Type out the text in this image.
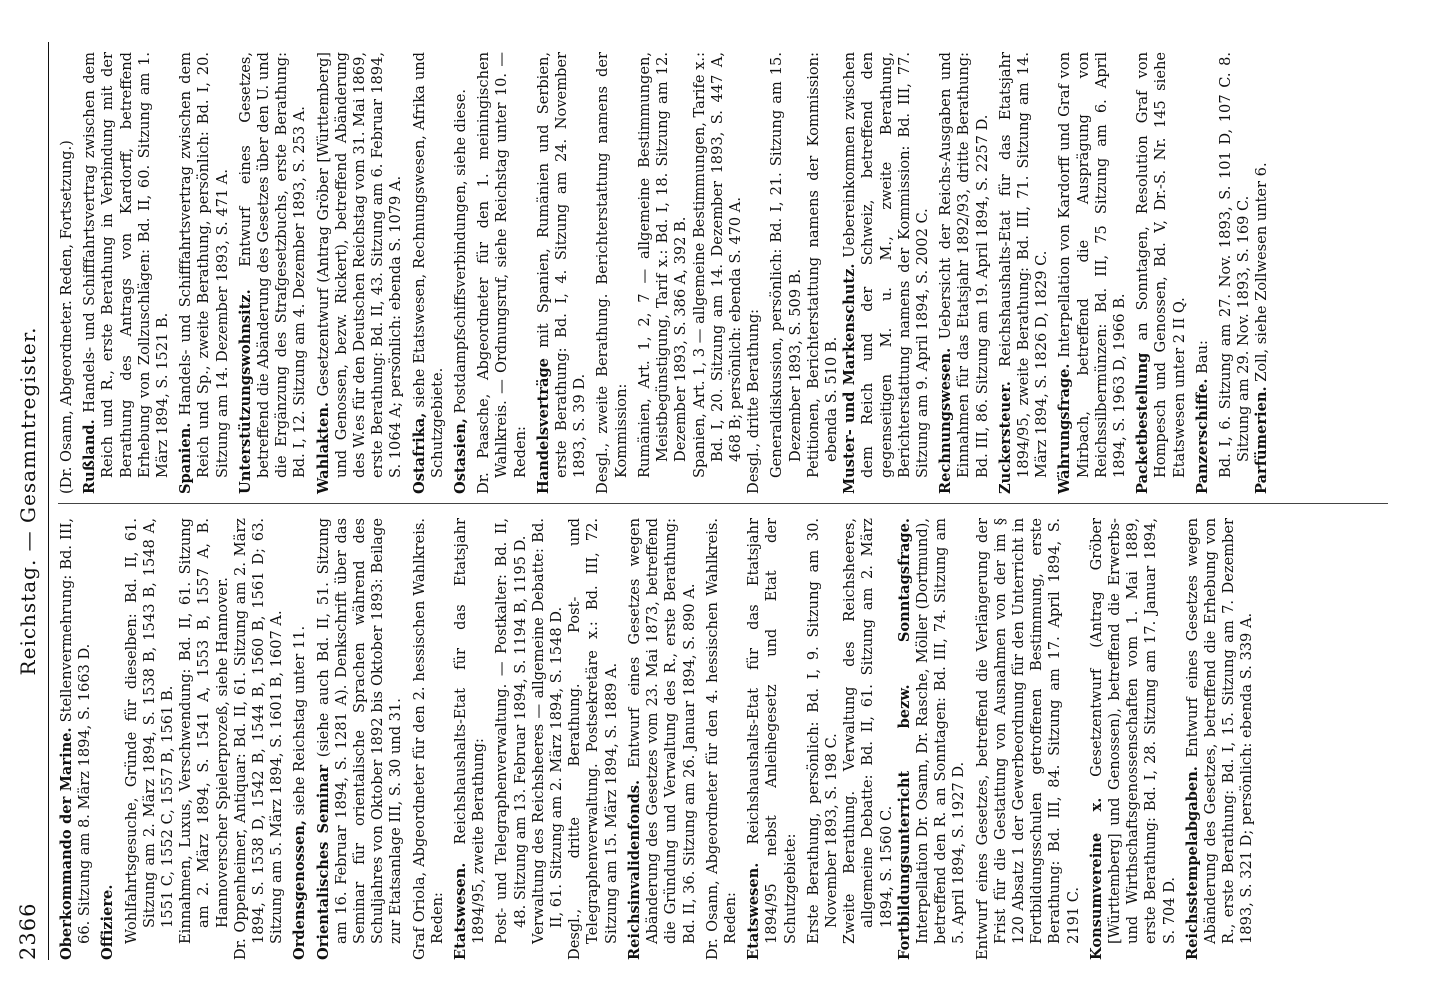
2366
Reichstag. — Gesammtregister.

Oberkommando der Marine. Stellenvermehrung: Bd. III, 66. Sitzung am 8. März 1894, S. 1663 D. Offiziere. Wohlfahrtsgesuche, Gründe für dieselben: Bd. II, 61. Sitzung am 2. März 1894, S. 1538 B, 1543 B, 1548 A, 1551 C, 1552 C, 1557 B, 1561 B. Einnahmen, Luxus, Verschwendung: Bd. II, 61. Sitzung am 2. März 1894, S. 1541 A, 1553 B, 1557 A, B. Hannoverscher Spielerprozeß, siehe Hannover. Dr. Oppenheimer, Antiquar: Bd. II, 61. Sitzung am 2. März 1894, S. 1538 D, 1542 B, 1544 B, 1560 B, 1561 D; 63. Sitzung am 5. März 1894, S. 1601 B, 1607 A. Ordensgenossen, siehe Reichstag unter 11.

Orientalisches Seminar (siehe auch Bd. II, 51. Sitzung am 16. Februar 1894, S. 1281 A). Denkschrift über das Seminar für orientalische Sprachen während des Schuljahres von Oktober 1892 bis Oktober 1893: Beilage zur Etatsanlage III, S. 30 und 31. Graf Oriola, Abgeordneter für den 2. hessischen Wahlkreis. Reden: Etatswesen. Reichshaushalts-Etat für das Etatsjahr 1894/95, zweite Berathung: Post- und Telegraphenverwaltung. — Postkalter: Bd. II, 48. Sitzung am 13. Februar 1894, S. 1194 B, 1195 D. Verwaltung des Reichsheeres — allgemeine Debatte: Bd. II, 61. Sitzung am 2. März 1894, S. 1548 D. Desgl., dritte Berathung. Post- und Telegraphenverwaltung. Postsekretäre x.: Bd. III, 72. Sitzung am 15. März 1894, S. 1889 A. Reichsinvalidenfonds. Entwurf eines Gesetzes wegen Abänderung des Gesetzes vom 23. Mai 1873, betreffend die Gründung und Verwaltung des R., erste Berathung: Bd. II, 36. Sitzung am 26. Januar 1894, S. 890 A. Dr. Osann, Abgeordneter für den 4. hessischen Wahlkreis. Reden: Etatswesen. Reichshaushalts-Etat für das Etatsjahr 1894/95 nebst Anleihegesetz und Etat der Schutzgebiete: Erste Berathung, persönlich: Bd. I, 9. Sitzung am 30. November 1893, S. 198 C. Zweite Berathung. Verwaltung des Reichsheeres, allgemeine Debatte: Bd. II, 61. Sitzung am 2. März 1894, S. 1560 C. Fortbildungsunterricht bezw. Sonntagsfrage. Interpellation Dr. Osann, Dr. Rasche, Möller (Dortmund), betreffend den R. an Sonntagen: Bd. III, 74. Sitzung am 5. April 1894, S. 1927 D. Entwurf eines Gesetzes, betreffend die Verlängerung der Frist für die Gestattung von Ausnahmen von der im § 120 Absatz 1 der Gewerbeordnung für den Unterricht in Fortbildungsschulen getroffenen Bestimmung, erste Berathung: Bd. III, 84. Sitzung am 17. April 1894, S. 2191 C. Konsumvereine x. Gesetzentwurf (Antrag Gröber [Württemberg] und Genossen), betreffend die Erwerbs- und Wirthschaftsgenossenschaften vom 1. Mai 1889, erste Berathung: Bd. I, 28. Sitzung am 17. Januar 1894, S. 704 D. Reichsstempelabgaben. Entwurf eines Gesetzes wegen Abänderung des Gesetzes, betreffend die Erhebung von R., erste Berathung: Bd. I, 15. Sitzung am 7. Dezember 1893, S. 321 D; persönlich: ebenda S. 339 A.

(Dr. Osann, Abgeordneter. Reden, Fortsetzung.) Rußland. Handels- und Schifffahrtsvertrag zwischen dem Reich und R., erste Berathung in Verbindung mit der Berathung des Antrags von Kardorff, betreffend Erhebung von Zollzuschlägen: Bd. II, 60. Sitzung am 1. März 1894, S. 1521 B. Spanien. Handels- und Schifffahrtsvertrag zwischen dem Reich und Sp., zweite Berathung, persönlich: Bd. I, 20. Sitzung am 14. Dezember 1893, S. 471 A. Unterstützungswohnsitz. Entwurf eines Gesetzes, betreffend die Abänderung des Gesetzes über den U. und die Ergänzung des Strafgesetzbuchs, erste Berathung: Bd. I, 12. Sitzung am 4. Dezember 1893, S. 253 A. Wahlakten. Gesetzentwurf (Antrag Gröber [Württemberg] und Genossen, bezw. Rickert), betreffend Abänderung des W.es für den Deutschen Reichstag vom 31. Mai 1869, erste Berathung: Bd. II, 43. Sitzung am 6. Februar 1894, S. 1064 A; persönlich: ebenda S. 1079 A. Ostafrika, siehe Etatswesen, Rechnungswesen, Afrika und Schutzgebiete. Ostasien, Postdampfschiffsverbindungen, siehe diese. Dr. Paasche, Abgeordneter für den 1. meiningischen Wahlkreis. — Ordnungsruf, siehe Reichstag unter 10. — Reden: Handelsverträge mit Spanien, Rumänien und Serbien, erste Berathung: Bd. I, 4. Sitzung am 24. November 1893, S. 39 D. Desgl., zweite Berathung. Berichterstattung namens der Kommission: Rumänien, Art. 1, 2, 7 — allgemeine Bestimmungen, Meistbegünstigung, Tarif x.: Bd. I, 18. Sitzung am 12. Dezember 1893, S. 386 A, 392 B. Spanien, Art. 1, 3 — allgemeine Bestimmungen, Tarife x.: Bd. I, 20. Sitzung am 14. Dezember 1893, S. 447 A, 468 B; persönlich: ebenda S. 470 A. Desgl., dritte Berathung: Generaldiskussion, persönlich: Bd. I, 21. Sitzung am 15. Dezember 1893, S. 509 B. Petitionen, Berichterstattung namens der Kommission: ebenda S. 510 B. Muster- und Markenschutz. Uebereinkommen zwischen dem Reich und der Schweiz, betreffend den gegenseitigen M. u. M., zweite Berathung, Berichterstattung namens der Kommission: Bd. III, 77. Sitzung am 9. April 1894, S. 2002 C. Rechnungswesen. Uebersicht der Reichs-Ausgaben und Einnahmen für das Etatsjahr 1892/93, dritte Berathung: Bd. III, 86. Sitzung am 19. April 1894, S. 2257 D. Zuckersteuer. Reichshaushalts-Etat für das Etatsjahr 1894/95, zweite Berathung: Bd. III, 71. Sitzung am 14. März 1894, S. 1826 D, 1829 C. Währungsfrage. Interpellation von Kardorff und Graf von Mirbach, betreffend die Ausprägung von Reichssilbermünzen: Bd. III, 75 Sitzung am 6. April 1894, S. 1963 D, 1966 B. Packetbestellung an Sonntagen, Resolution Graf von Hompesch und Genossen, Bd. V, Dr.-S. Nr. 145 siehe Etatswesen unter 2 II Q. Panzerschiffe. Bau: Bd. I, 6. Sitzung am 27. Nov. 1893, S. 101 D, 107 C. 8. Sitzung am 29. Nov. 1893, S. 169 C. Parfümerien. Zoll, siehe Zollwesen unter 6.
